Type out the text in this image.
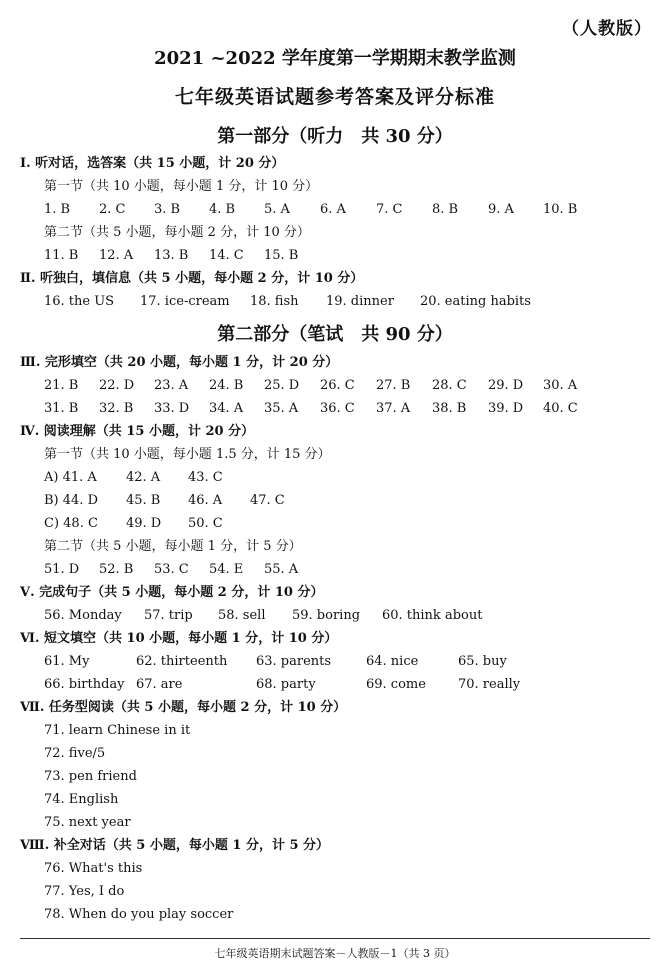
（人教版）
2021 ~2022 学年度第一学期期末教学监测
七年级英语试题参考答案及评分标准
第一部分（听力　共 30 分）
Ⅰ. 听对话，选答案（共 15 小题，计 20 分）
第一节（共 10 小题，每小题 1 分，计 10 分）
1. B 2. C 3. B 4. B 5. A 6. A 7. C 8. B 9. A 10. B
第二节（共 5 小题，每小题 2 分，计 10 分）
11. B 12. A 13. B 14. C 15. B
Ⅱ. 听独白，填信息（共 5 小题，每小题 2 分，计 10 分）
16. the US 17. ice-cream 18. fish 19. dinner 20. eating habits
第二部分（笔试　共 90 分）
Ⅲ. 完形填空（共 20 小题，每小题 1 分，计 20 分）
21. B 22. D 23. A 24. B 25. D 26. C 27. B 28. C 29. D 30. A
31. B 32. B 33. D 34. A 35. A 36. C 37. A 38. B 39. D 40. C
Ⅳ. 阅读理解（共 15 小题，计 20 分）
第一节（共 10 小题，每小题 1.5 分，计 15 分）
A) 41. A 42. A 43. C
B) 44. D 45. B 46. A 47. C
C) 48. C 49. D 50. C
第二节（共 5 小题，每小题 1 分，计 5 分）
51. D 52. B 53. C 54. E 55. A
Ⅴ. 完成句子（共 5 小题，每小题 2 分，计 10 分）
56. Monday 57. trip 58. sell 59. boring 60. think about
Ⅵ. 短文填空（共 10 小题，每小题 1 分，计 10 分）
61. My	62. thirteenth 63. parents	64. nice	65. buy
66. birthday 67. are	68. party	69. come 70. really
Ⅶ. 任务型阅读（共 5 小题，每小题 2 分，计 10 分）
71. learn Chinese in it
72. five/5
73. pen friend
74. English
75. next year
Ⅷ. 补全对话（共 5 小题，每小题 1 分，计 5 分）
76. What's this
77. Yes, I do
78. When do you play soccer
七年级英语期末试题答案－人教版－1（共 3 页）
